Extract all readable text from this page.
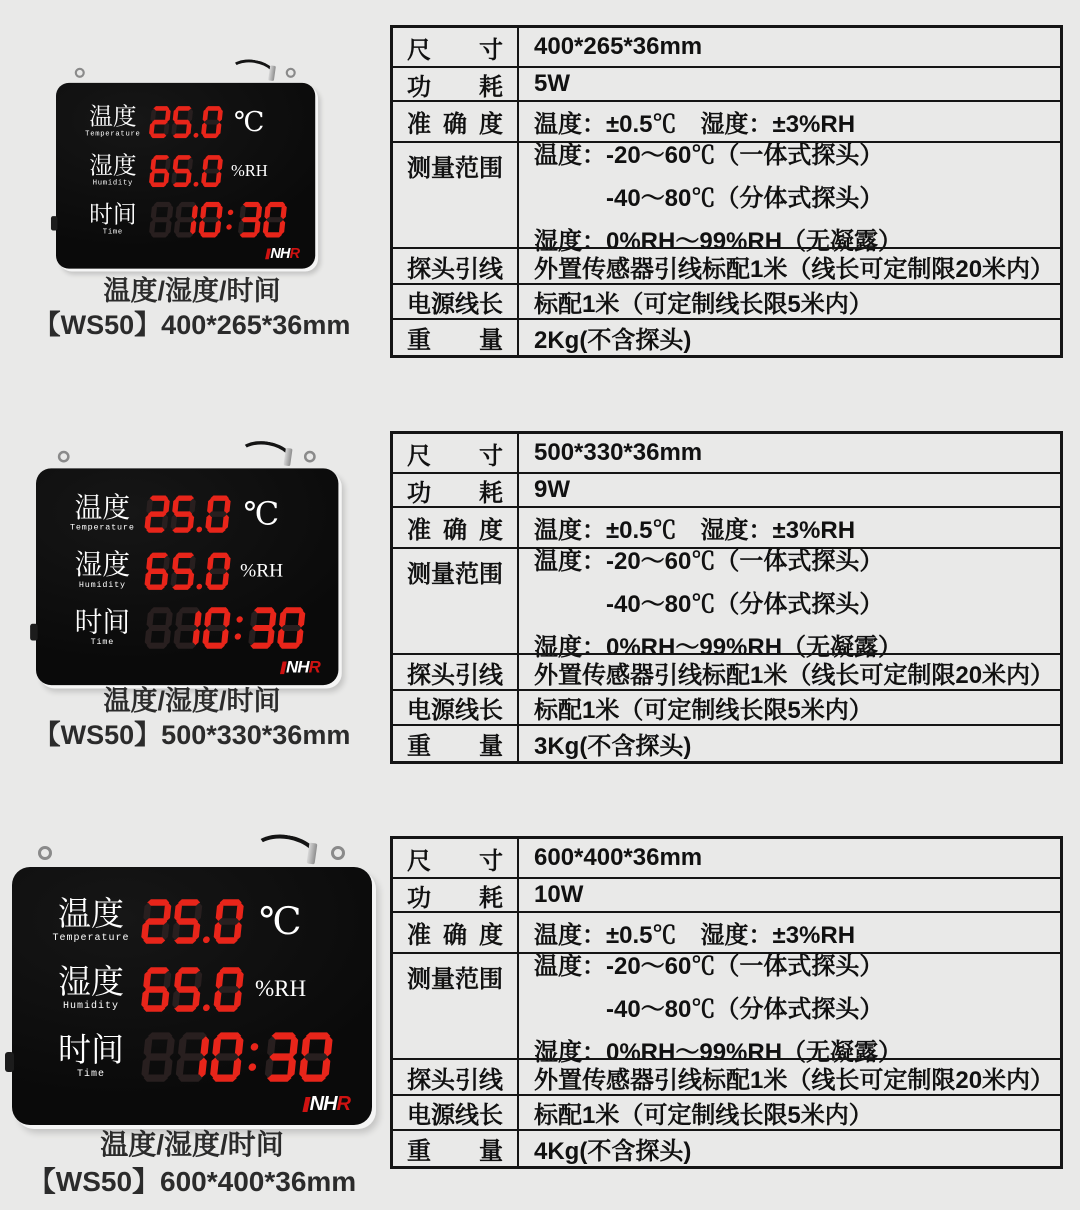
温度
Temperature ℃
湿度
Humidity
%RH
时间
Time
NH R
温度/湿度/时间
【WS50】400*265*36mm
尺寸 400*265*36mm
功耗 5W
准确度 温度：±0.5℃　湿度：±3%RH
测量范围 温度：-20～60℃（一体式探头）
-40～80℃（分体式探头）
湿度：0%RH～99%RH（无凝露）
探头引线 外置传感器引线标配1米（线长可定制限20米内）
电源线长 标配1米（可定制线长限5米内）
重量 2Kg(不含探头)
温度
Temperature	℃
湿度
Humidity
%RH
时间
Time
NH R
温度/湿度/时间
【WS50】500*330*36mm
尺寸 500*330*36mm
功耗 9W
准确度 温度：±0.5℃　湿度：±3%RH
测量范围 温度：-20～60℃（一体式探头）
-40～80℃（分体式探头）
湿度：0%RH～99%RH（无凝露）
探头引线 外置传感器引线标配1米（线长可定制限20米内）
电源线长 标配1米（可定制线长限5米内）
重量 3Kg(不含探头)
温度
Temperature	℃
湿度
Humidity
%RH
时间
Time
NH R
温度/湿度/时间
【WS50】600*400*36mm
尺寸 600*400*36mm
功耗 10W
准确度 温度：±0.5℃　湿度：±3%RH
测量范围 温度：-20～60℃（一体式探头）
-40～80℃（分体式探头）
湿度：0%RH～99%RH（无凝露）
探头引线 外置传感器引线标配1米（线长可定制限20米内）
电源线长 标配1米（可定制线长限5米内）
重量 4Kg(不含探头)
